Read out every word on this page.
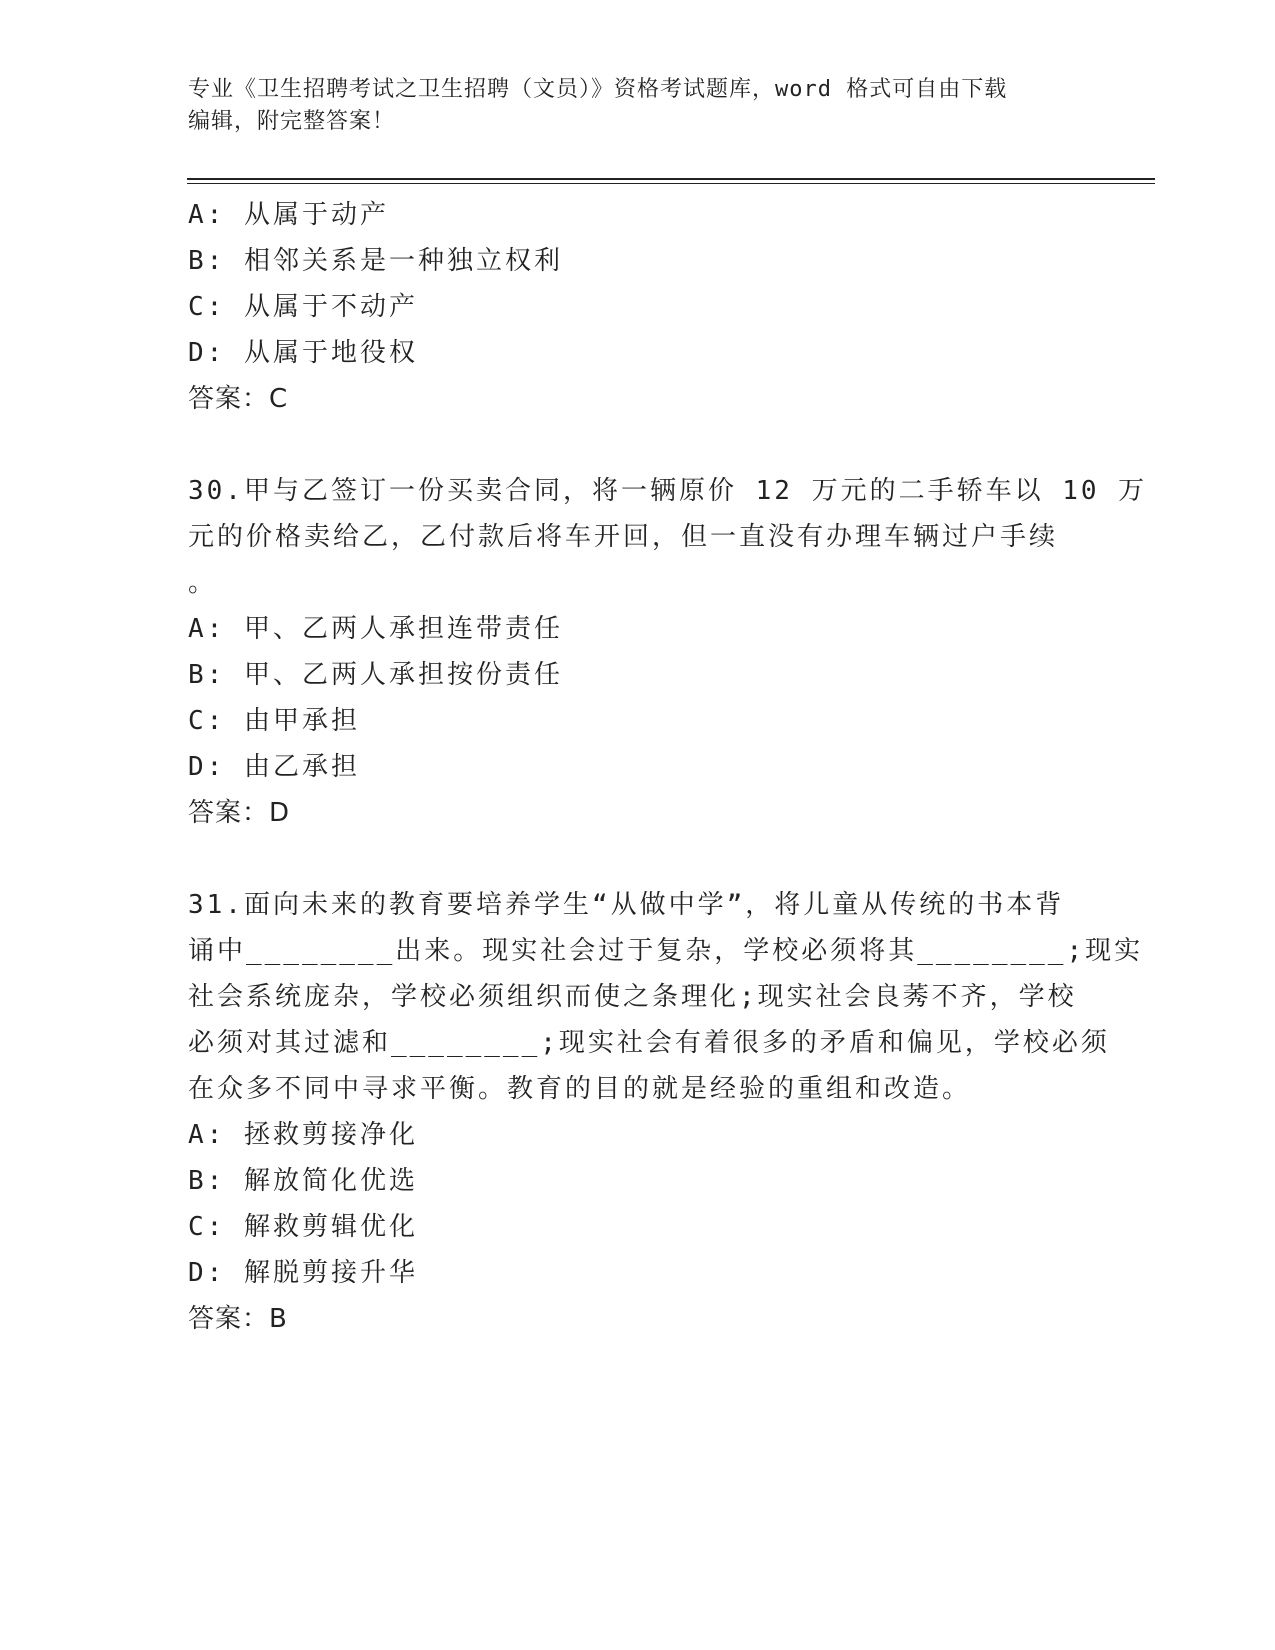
专业《卫生招聘考试之卫生招聘（文员）》资格考试题库，word 格式可自由下载
编辑，附完整答案！
A: 从属于动产
B: 相邻关系是一种独立权利
C: 从属于不动产
D: 从属于地役权
答案：C
30.甲与乙签订一份买卖合同，将一辆原价 12 万元的二手轿车以 10 万
元的价格卖给乙，乙付款后将车开回，但一直没有办理车辆过户手续
。
A: 甲、乙两人承担连带责任
B: 甲、乙两人承担按份责任
C: 由甲承担
D: 由乙承担
答案：D
31.面向未来的教育要培养学生“从做中学”，将儿童从传统的书本背
诵中________出来。现实社会过于复杂，学校必须将其________;现实
社会系统庞杂，学校必须组织而使之条理化;现实社会良莠不齐，学校
必须对其过滤和________;现实社会有着很多的矛盾和偏见，学校必须
在众多不同中寻求平衡。教育的目的就是经验的重组和改造。
A: 拯救剪接净化
B: 解放简化优选
C: 解救剪辑优化
D: 解脱剪接升华
答案：B
